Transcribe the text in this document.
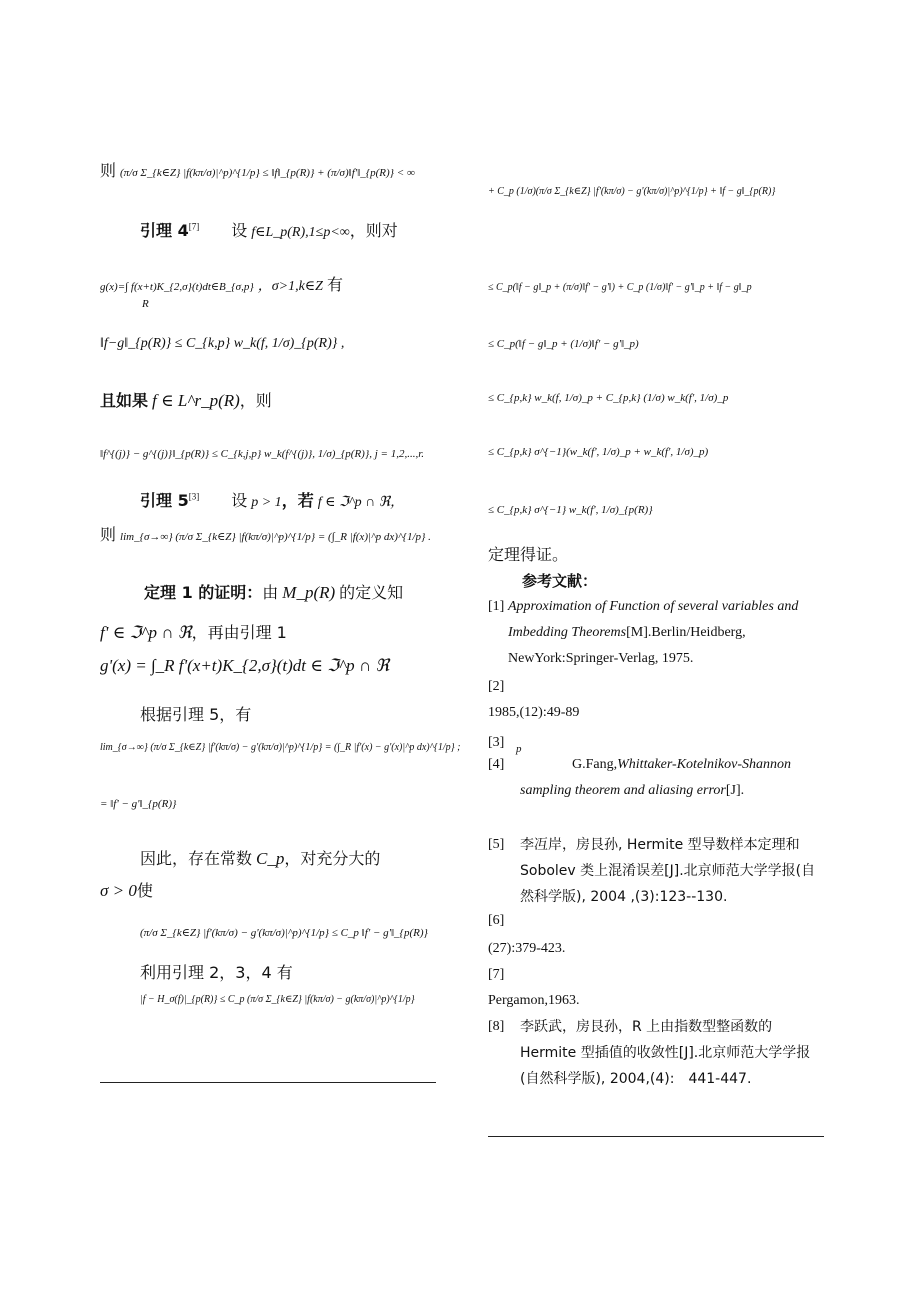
则 (π/σ Σ_{k∈Z} |f(kπ/σ)|^p)^{1/p} ≤ ‖f‖_{p(R)} + (π/σ)‖f'‖_{p(R)} < ∞
引理 4[7] 设 f∈L_p(R),1≤p<∞，则对
g(x)=∫ f(x+t)K_{2,σ}(t)dt∈B_{σ,p} ，σ>1,k∈Z 有
R
‖f−g‖_{p(R)} ≤ C_{k,p} w_k(f, 1/σ)_{p(R)} ,
且如果 f ∈ L^r_p(R)，则
‖f^{(j)} − g^{(j)}‖_{p(R)} ≤ C_{k,j,p} w_k(f^{(j)}, 1/σ)_{p(R)}, j = 1,2,...,r.
引理 5[3] 设 p > 1，若 f ∈ ℑ^p ∩ ℜ，
则 lim_{σ→∞} (π/σ Σ_{k∈Z} |f(kπ/σ)|^p)^{1/p} = (∫_R |f(x)|^p dx)^{1/p} .
定理 1 的证明：由 M_p(R) 的定义知
f' ∈ ℑ^p ∩ ℜ，再由引理 1
g'(x) = ∫_R f'(x+t)K_{2,σ}(t)dt ∈ ℑ^p ∩ ℜ
根据引理 5，有
lim_{σ→∞} (π/σ Σ_{k∈Z} |f'(kπ/σ) − g'(kπ/σ)|^p)^{1/p} = (∫_R |f'(x) − g'(x)|^p dx)^{1/p} ;
= ‖f' − g'‖_{p(R)}
因此，存在常数 C_p，对充分大的
σ > 0使
(π/σ Σ_{k∈Z} |f'(kπ/σ) − g'(kπ/σ)|^p)^{1/p} ≤ C_p ‖f' − g'‖_{p(R)}
利用引理 2，3，4 有
|f − H_σ(f)|_{p(R)} ≤ C_p (π/σ Σ_{k∈Z} |f(kπ/σ) − g(kπ/σ)|^p)^{1/p}
+ C_p (1/σ)(π/σ Σ_{k∈Z} |f'(kπ/σ) − g'(kπ/σ)|^p)^{1/p} + ‖f − g‖_{p(R)}
≤ C_p(‖f − g‖_p + (π/σ)‖f' − g'‖) + C_p (1/σ)‖f' − g'‖_p + ‖f − g‖_p
≤ C_p(‖f − g‖_p + (1/σ)‖f' − g'‖_p)
≤ C_{p,k} w_k(f, 1/σ)_p + C_{p,k} (1/σ) w_k(f', 1/σ)_p
≤ C_{p,k} σ^{−1}(w_k(f', 1/σ)_p + w_k(f', 1/σ)_p)
≤ C_{p,k} σ^{−1} w_k(f', 1/σ)_{p(R)}
定理得证。
参考文献：
[1] Approximation of Function of several variables and Imbedding Theorems[M].Berlin/Heidberg, NewYork:Springer-Verlag, 1975.
[2]
1985,(12):49-89
[3] p
[4]	G.Fang,Whittaker-Kotelnikov-Shannon sampling theorem and aliasing error[J].
[5] 李冱岸，房艮孙, Hermite 型导数样本定理和 Sobolev 类上混淆误差[J].北京师范大学学报(自然科学版), 2004 ,(3):123--130.
[6]
(27):379-423.
[7]
Pergamon,1963.
[8] 李跃武，房艮孙，R 上由指数型整函数的 Hermite 型插值的收敛性[J].北京师范大学学报(自然科学版), 2004,(4):　441-447.
